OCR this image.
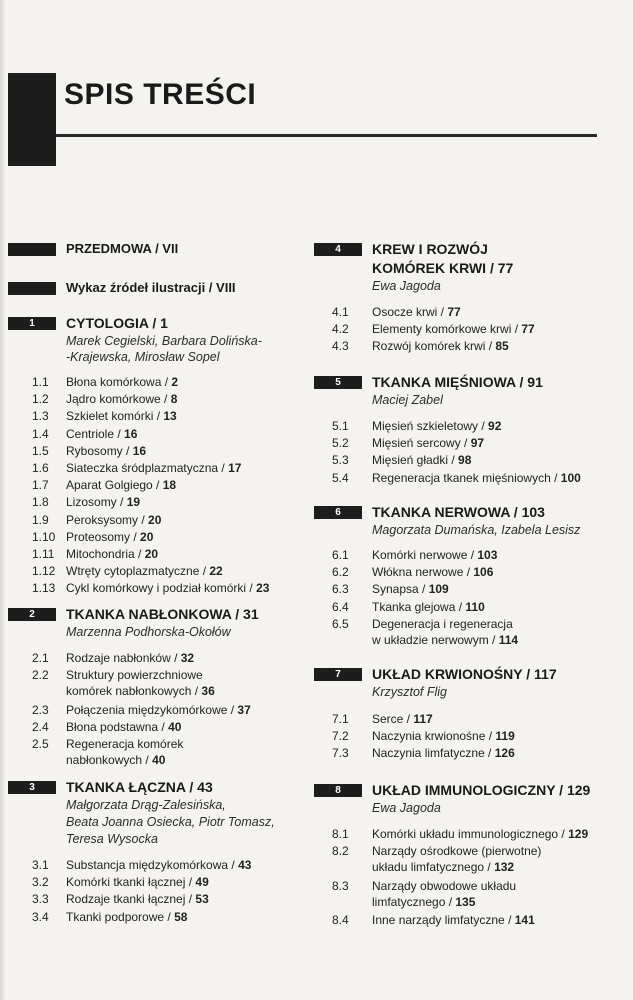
SPIS TREŚCI
PRZEDMOWA / VII
Wykaz źródeł ilustracji / VIII
1	CYTOLOGIA / 1
Marek Cegielski, Barbara Dolińska-
-Krajewska, Mirosław Sopel
2	TKANKA NABŁONKOWA / 31
Marzenna Podhorska-Okołów
3	TKANKA ŁĄCZNA / 43
Małgorzata Drąg-Zalesińska,
Beata Joanna Osiecka, Piotr Tomasz,
Teresa Wysocka
4	KREW I ROZWÓJ
KOMÓREK KRWI / 77
Ewa Jagoda
5	TKANKA MIĘŚNIOWA / 91
Maciej Zabel
6	TKANKA NERWOWA / 103
Magorzata Dumańska, Izabela Lesisz
7	UKŁAD KRWIONOŚNY / 117
Krzysztof Flig
8	UKŁAD IMMUNOLOGICZNY / 129
Ewa Jagoda
1.1 Błona komórkowa / 2
1.2 Jądro komórkowe / 8
1.3 Szkielet komórki / 13
1.4 Centriole / 16
1.5 Rybosomy / 16
1.6 Siateczka śródplazmatyczna / 17
1.7 Aparat Golgiego / 18
1.8 Lizosomy / 19
1.9 Peroksysomy / 20
1.10 Proteosomy / 20
1.11 Mitochondria / 20
1.12 Wtręty cytoplazmatyczne / 22
1.13 Cykl komórkowy i podział komórki / 23
2.1 Rodzaje nabłonków / 32
2.2 Struktury powierzchniowe
komórek nabłonkowych / 36
2.3 Połączenia międzykomórkowe / 37
2.4 Błona podstawna / 40
2.5 Regeneracja komórek
nabłonkowych / 40
3.1 Substancja międzykomórkowa / 43
3.2 Komórki tkanki łącznej / 49
3.3 Rodzaje tkanki łącznej / 53
3.4 Tkanki podporowe / 58
4.1 Osocze krwi / 77
4.2 Elementy komórkowe krwi / 77
4.3 Rozwój komórek krwi / 85
5.1 Mięsień szkieletowy / 92
5.2 Mięsień sercowy / 97
5.3 Mięsień gładki / 98
5.4 Regeneracja tkanek mięśniowych / 100
6.1 Komórki nerwowe / 103
6.2 Włókna nerwowe / 106
6.3 Synapsa / 109
6.4 Tkanka glejowa / 110
6.5 Degeneracja i regeneracja
w układzie nerwowym / 114
7.1 Serce / 117
7.2 Naczynia krwionośne / 119
7.3 Naczynia limfatyczne / 126
8.1 Komórki układu immunologicznego / 129
8.2 Narządy ośrodkowe (pierwotne)
układu limfatycznego / 132
8.3 Narządy obwodowe układu
limfatycznego / 135
8.4 Inne narządy limfatyczne / 141
